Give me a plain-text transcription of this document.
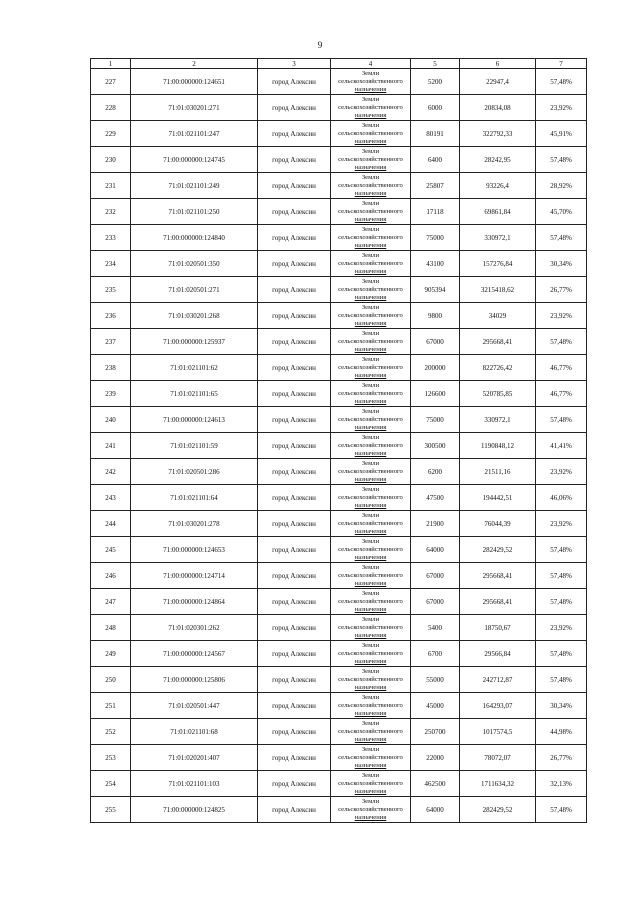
9
1	2	3	4	5	6	7
227	71:00:000000:124651	город Алексин	Земли
сельскохозяйственного
назначения	5200	22947,4	57,48%
228	71:01:030201:271	город Алексин	Земли
сельскохозяйственного
назначения	6000	20834,08	23,92%
229	71:01:021101:247	город Алексин	Земли
сельскохозяйственного
назначения	80191	322792,33	45,91%
230	71:00:000000:124745	город Алексин	Земли
сельскохозяйственного
назначения	6400	28242,95	57,48%
231	71:01:021101:249	город Алексин	Земли
сельскохозяйственного
назначения	25807	93226,4	28,92%
232	71:01:021101:250	город Алексин	Земли
сельскохозяйственного
назначения	17118	69861,84	45,70%
233	71:00:000000:124840	город Алексин	Земли
сельскохозяйственного
назначения	75000	330972,1	57,48%
234	71:01:020501:350	город Алексин	Земли
сельскохозяйственного
назначения	43100	157276,84	30,34%
235	71:01:020501:271	город Алексин	Земли
сельскохозяйственного
назначения	905394	3215418,62	26,77%
236	71:01:030201:268	город Алексин	Земли
сельскохозяйственного
назначения	9800	34029	23,92%
237	71:00:000000:125937	город Алексин	Земли
сельскохозяйственного
назначения	67000	295668,41	57,48%
238	71:01:021101:62	город Алексин	Земли
сельскохозяйственного
назначения	200000	822726,42	46,77%
239	71:01:021101:65	город Алексин	Земли
сельскохозяйственного
назначения	126600	520785,85	46,77%
240	71:00:000000:124613	город Алексин	Земли
сельскохозяйственного
назначения	75000	330972,1	57,48%
241	71:01:021101:59	город Алексин	Земли
сельскохозяйственного
назначения	300500	1190848,12	41,41%
242	71:01:020501:286	город Алексин	Земли
сельскохозяйственного
назначения	6200	21511,16	23,92%
243	71:01:021101:64	город Алексин	Земли
сельскохозяйственного
назначения	47500	194442,51	46,06%
244	71:01:030201:278	город Алексин	Земли
сельскохозяйственного
назначения	21900	76044,39	23,92%
245	71:00:000000:124653	город Алексин	Земли
сельскохозяйственного
назначения	64000	282429,52	57,48%
246	71:00:000000:124714	город Алексин	Земли
сельскохозяйственного
назначения	67000	295668,41	57,48%
247	71:00:000000:124864	город Алексин	Земли
сельскохозяйственного
назначения	67000	295668,41	57,48%
248	71:01:020301:262	город Алексин	Земли
сельскохозяйственного
назначения	5400	18750,67	23,92%
249	71:00:000000:124567	город Алексин	Земли
сельскохозяйственного
назначения	6700	29566,84	57,48%
250	71:00:000000:125806	город Алексин	Земли
сельскохозяйственного
назначения	55000	242712,87	57,48%
251	71:01:020501:447	город Алексин	Земли
сельскохозяйственного
назначения	45000	164293,07	30,34%
252	71:01:021101:68	город Алексин	Земли
сельскохозяйственного
назначения	250700	1017574,5	44,98%
253	71:01:020201:407	город Алексин	Земли
сельскохозяйственного
назначения	22000	78072,07	26,77%
254	71:01:021101:103	город Алексин	Земли
сельскохозяйственного
назначения	462500	1711634,32	32,13%
255	71:00:000000:124825	город Алексин	Земли
сельскохозяйственного
назначения	64000	282429,52	57,48%
